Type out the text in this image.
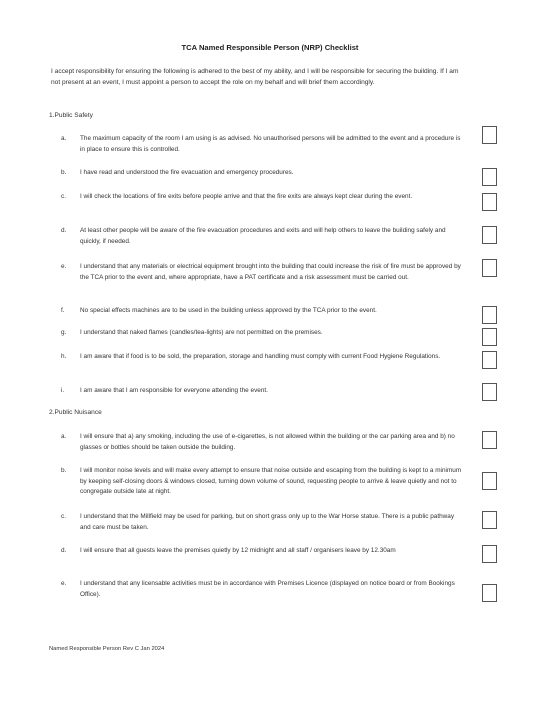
TCA Named Responsible Person (NRP) Checklist
I accept responsibility for ensuring the following is adhered to the best of my ability, and I will be responsible for securing the building. If I am not present at an event, I must appoint a person to accept the role on my behalf and will brief them accordingly.
1.Public Safety
a.	The maximum capacity of the room I am using is as advised. No unauthorised persons will be admitted to the event and a procedure is in place to ensure this is controlled.
b.	I have read and understood the fire evacuation and emergency procedures.
c.	I will check the locations of fire exits before people arrive and that the fire exits are always kept clear during the event.
d.	At least other people will be aware of the fire evacuation procedures and exits and will help others to leave the building safely and quickly, if needed.
e.	I understand that any materials or electrical equipment brought into the building that could increase the risk of fire must be approved by the TCA prior to the event and, where appropriate, have a PAT certificate and a risk assessment must be carried out.
f.	No special effects machines are to be used in the building unless approved by the TCA prior to the event.
g.	I understand that naked flames (candles/tea-lights) are not permitted on the premises.
h.	I am aware that if food is to be sold, the preparation, storage and handling must comply with current Food Hygiene Regulations.
i.	I am aware that I am responsible for everyone attending the event.
2.Public Nuisance
a.	I will ensure that a) any smoking, including the use of e-cigarettes, is not allowed within the building or the car parking area and b) no glasses or bottles should be taken outside the building.
b.	I will monitor noise levels and will make every attempt to ensure that noise outside and escaping from the building is kept to a minimum by keeping self-closing doors & windows closed, turning down volume of sound, requesting people to arrive & leave quietly and not to congregate outside late at night.
c.	I understand that the Millfield may be used for parking, but on short grass only up to the War Horse statue. There is a public pathway and care must be taken.
d.	I will ensure that all guests leave the premises quietly by 12 midnight and all staff / organisers leave by 12.30am
e.	I understand that any licensable activities must be in accordance with Premises Licence (displayed on notice board or from Bookings Office).
Named Responsible Person Rev C Jan 2024
